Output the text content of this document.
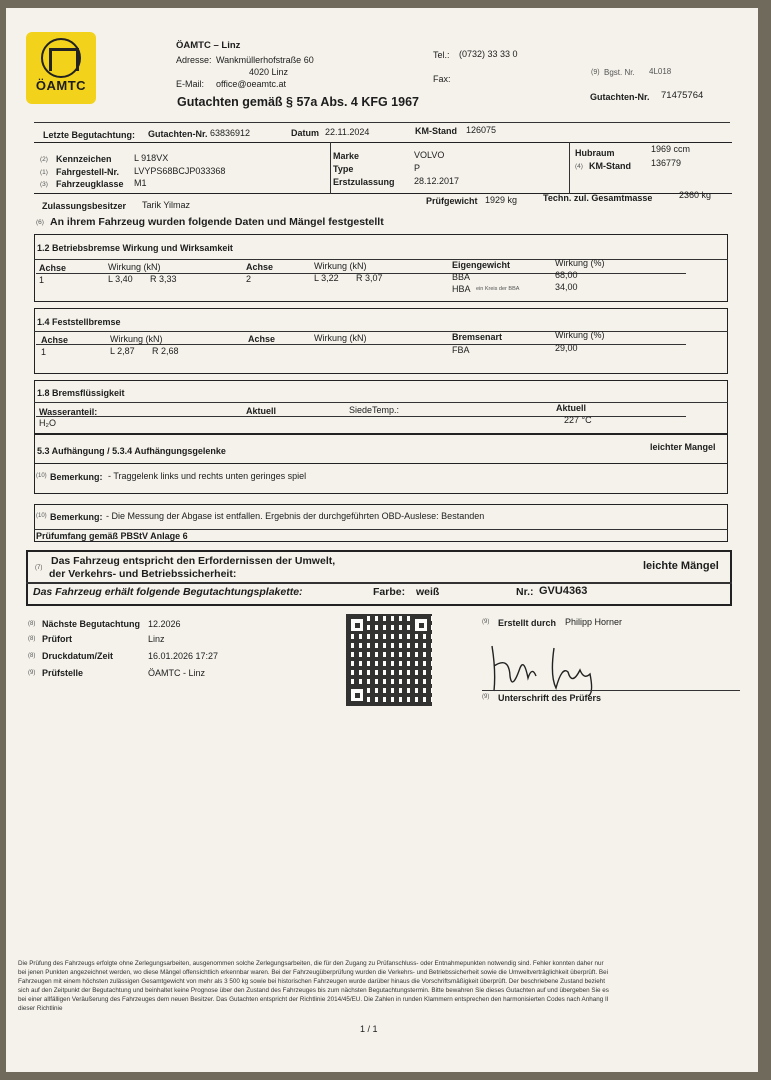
ÖAMTC
ÖAMTC – Linz
Adresse: Wankmüllerhofstraße 60
4020 Linz
E-Mail: office@oeamtc.at
Tel.: (0732) 33 33 0
Fax:
(9) Bgst. Nr. 4L018
Gutachten gemäß § 57a Abs. 4 KFG 1967	Gutachten-Nr. 71475764
Letzte Begutachtung: Gutachten-Nr. 63836912	Datum 22.11.2024	KM-Stand 126075
(2) Kennzeichen L 918VX
(1) Fahrgestell-Nr. LVYPS68BCJP033368
(3) Fahrzeugklasse M1
Marke	VOLVO
Type	P
Erstzulassung 28.12.2017
Hubraum	1969 ccm
(4) KM-Stand 136779
Zulassungsbesitzer Tarik Yilmaz	Prüfgewicht 1929 kg	Techn. zul. Gesamtmasse	2360 kg
(6) An ihrem Fahrzeug wurden folgende Daten und Mängel festgestellt
1.2 Betriebsbremse Wirkung und Wirksamkeit
Achse	Wirkung (kN)	Achse	Wirkung (kN)	Eigengewicht	Wirkung (%)
1	L 3,40 R 3,33	2	L 3,22 R 3,07	BBA	68,00
HBA ein Kreis der BBA	34,00
1.4 Feststellbremse
Achse	Wirkung (kN)	Achse	Wirkung (kN)	Bremsenart	Wirkung (%)
1	L 2,87 R 2,68	FBA	29,00
1.8 Bremsflüssigkeit
Wasseranteil:	Aktuell	SiedeTemp.:	Aktuell
H₂O	227 °C
5.3 Aufhängung / 5.3.4 Aufhängungsgelenke	leichter Mangel
(10) Bemerkung: - Traggelenk links und rechts unten geringes spiel
(10) Bemerkung: - Die Messung der Abgase ist entfallen. Ergebnis der durchgeführten OBD-Auslese: Bestanden
Prüfumfang gemäß PBStV Anlage 6
(7)
Das Fahrzeug entspricht den Erfordernissen der Umwelt,
der Verkehrs- und Betriebssicherheit:
leichte Mängel
Das Fahrzeug erhält folgende Begutachtungsplakette:	Farbe: weiß	Nr.: GVU4363
(8) Nächste Begutachtung 12.2026
(8) Prüfort	Linz
(8) Druckdatum/Zeit	16.01.2026 17:27
(9) Prüfstelle	ÖAMTC - Linz
(9) Erstellt durch Philipp Horner
(9) Unterschrift des Prüfers
Die Prüfung des Fahrzeugs erfolgte ohne Zerlegungsarbeiten, ausgenommen solche Zerlegungsarbeiten, die für den Zugang zu Prüfanschluss- oder Entnahmepunkten notwendig sind. Fehler konnten daher nur
bei jenen Punkten angezeichnet werden, wo diese Mängel offensichtlich erkennbar waren. Bei der Fahrzeugüberprüfung wurden die Verkehrs- und Betriebssicherheit sowie die Umweltverträglichkeit überprüft. Bei
Fahrzeugen mit einem höchsten zulässigen Gesamtgewicht von mehr als 3 500 kg sowie bei historischen Fahrzeugen wurde darüber hinaus die Vorschriftsmäßigkeit überprüft. Der beschriebene Zustand bezieht
sich auf den Zeitpunkt der Begutachtung und beinhaltet keine Prognose über den Zustand des Fahrzeuges bis zum nächsten Begutachtungstermin. Bitte bewahren Sie dieses Gutachten auf und übergeben Sie es
bei einer allfälligen Veräußerung des Fahrzeuges dem neuen Besitzer. Das Gutachten entspricht der Richtlinie 2014/45/EU. Die Zahlen in runden Klammern entsprechen den harmonisierten Codes nach Anhang II
dieser Richtlinie
1 / 1
